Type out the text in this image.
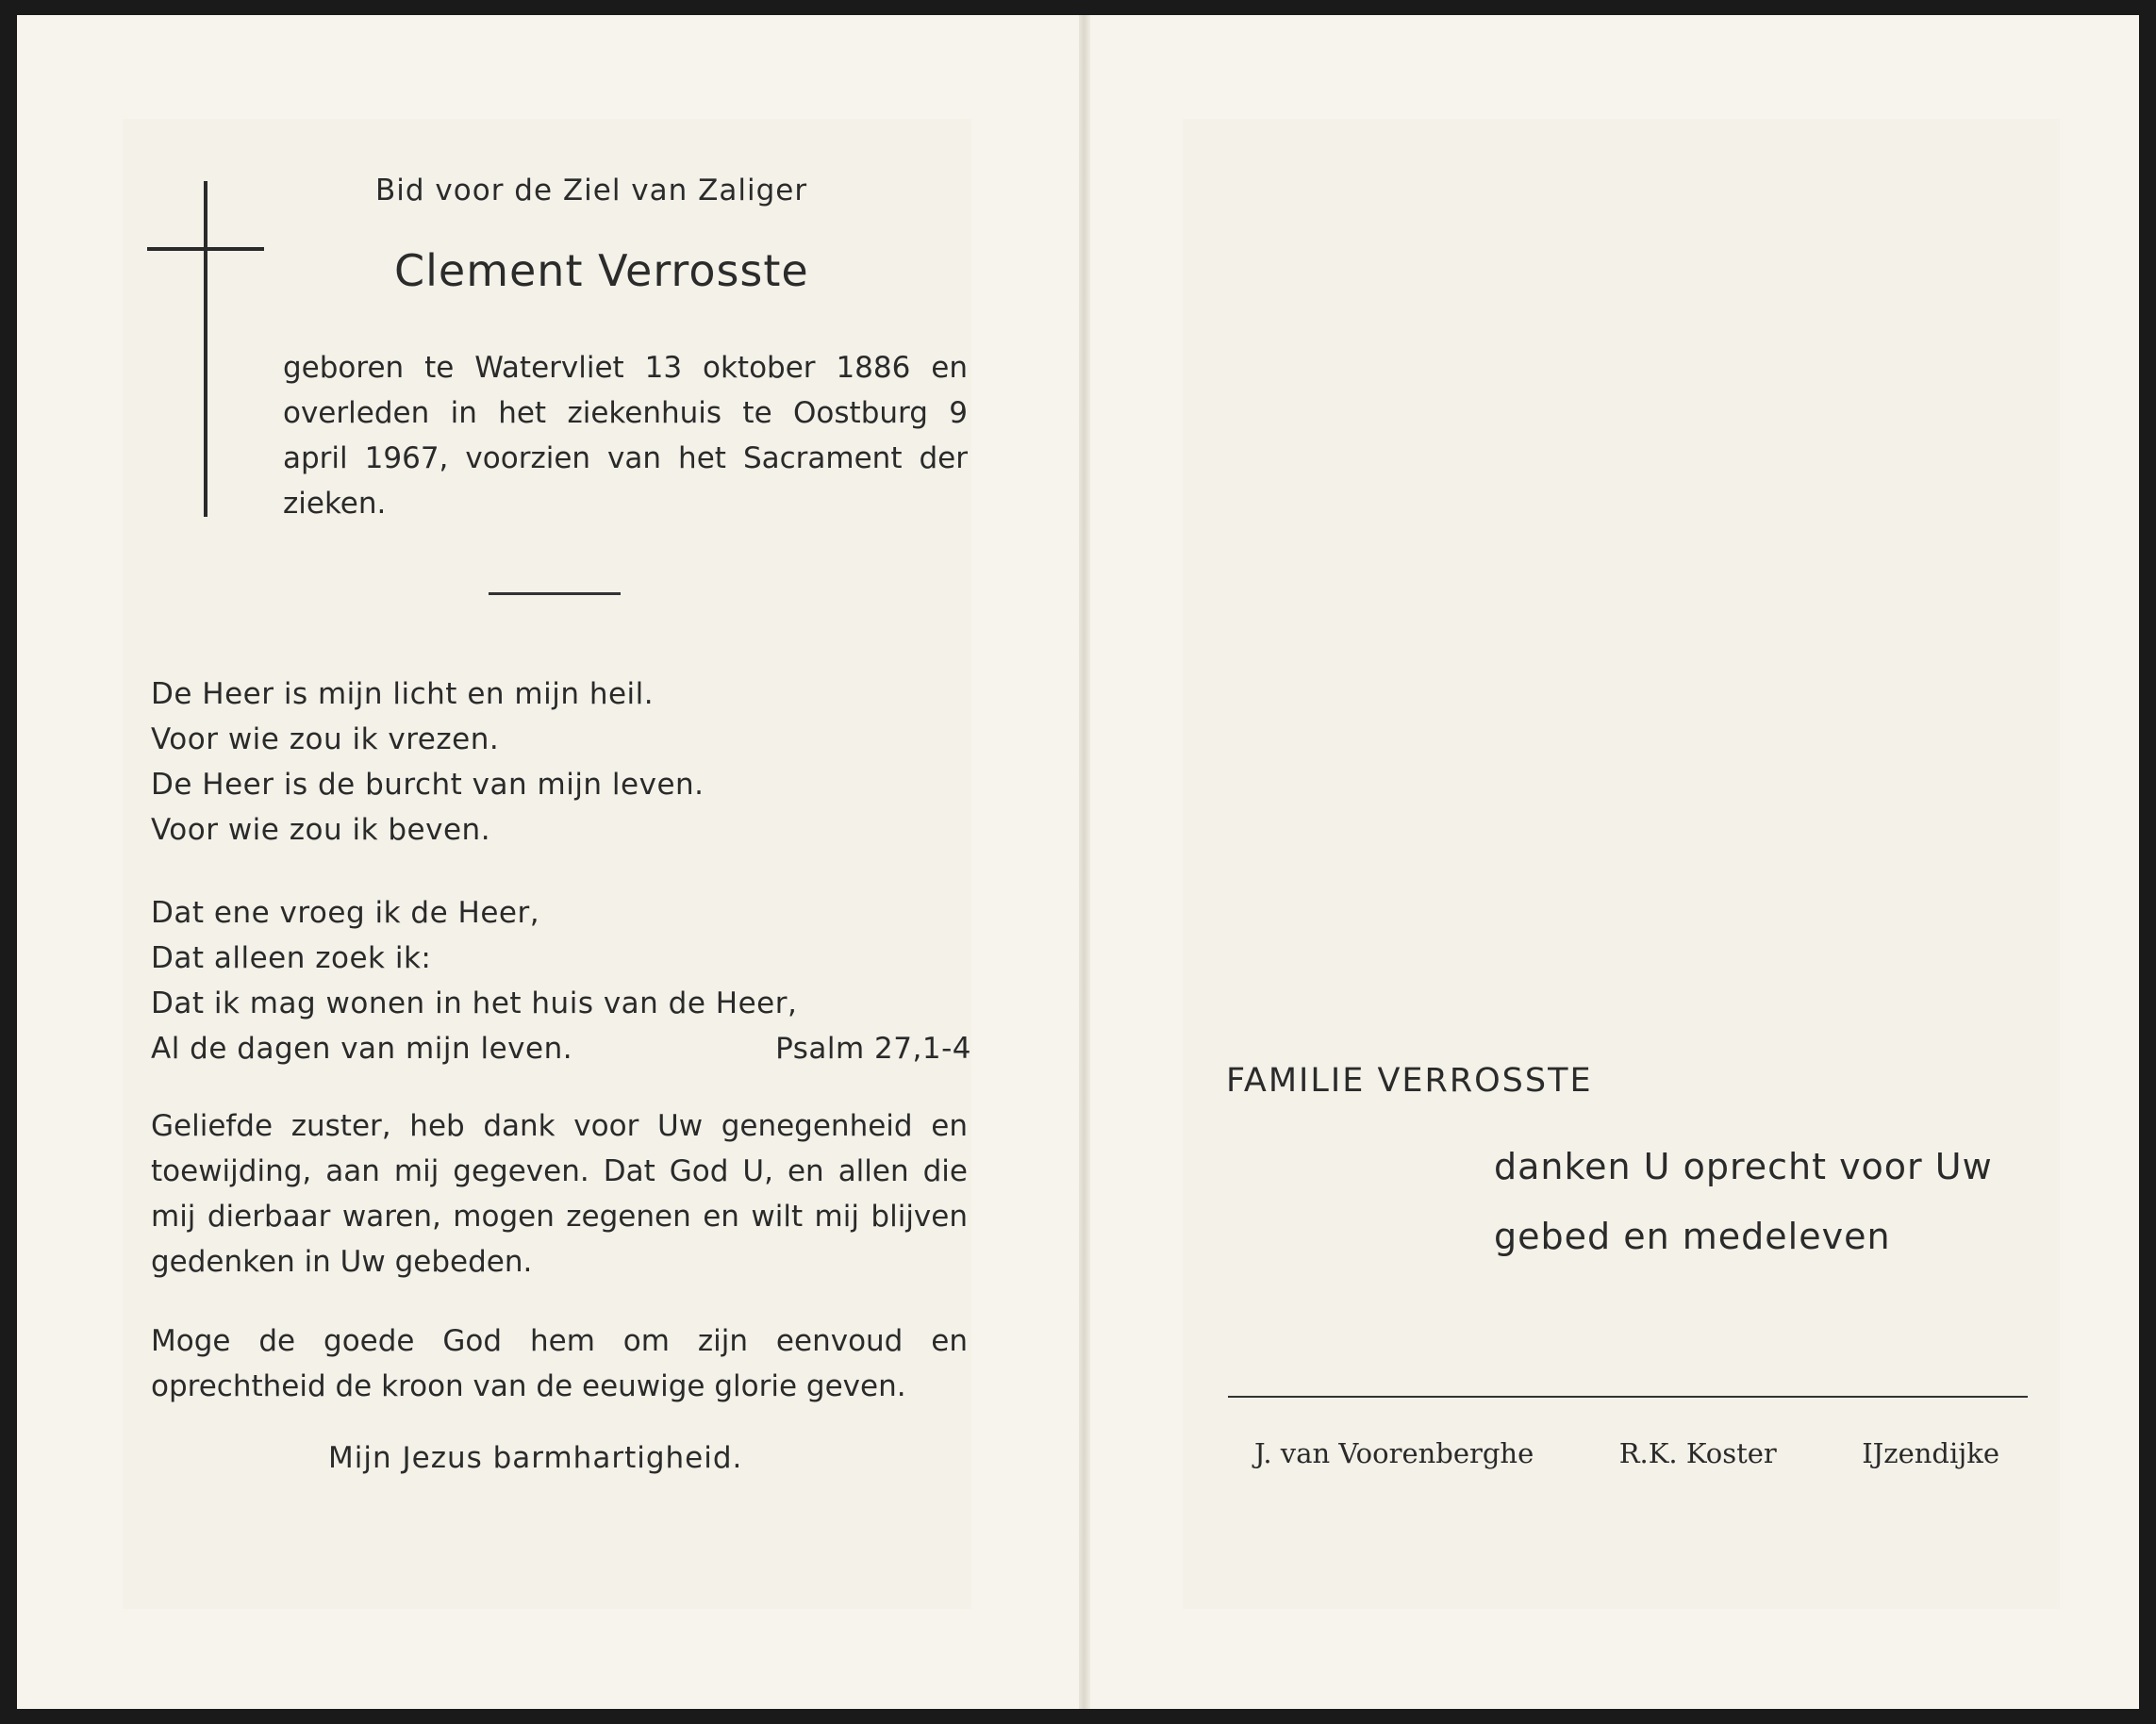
Bid voor de Ziel van Zaliger
Clement Verrosste
geboren te Watervliet 13 oktober 1886 en overleden in het ziekenhuis te Oostburg 9 april 1967, voorzien van het Sacrament der zieken.
De Heer is mijn licht en mijn heil.
Voor wie zou ik vrezen.
De Heer is de burcht van mijn leven.
Voor wie zou ik beven.
Dat ene vroeg ik de Heer,
Dat alleen zoek ik:
Dat ik mag wonen in het huis van de Heer,
Al de dagen van mijn leven.	Psalm 27,1-4
Geliefde zuster, heb dank voor Uw genegenheid en toewijding, aan mij gegeven. Dat God U, en allen die mij dierbaar waren, mogen zegenen en wilt mij blijven gedenken in Uw gebeden.
Moge de goede God hem om zijn eenvoud en oprechtheid de kroon van de eeuwige glorie geven.
Mijn Jezus barmhartigheid.
FAMILIE VERROSSTE
danken U oprecht voor Uw
gebed en medeleven
J. van Voorenberghe	R.K. Koster	IJzendijke
